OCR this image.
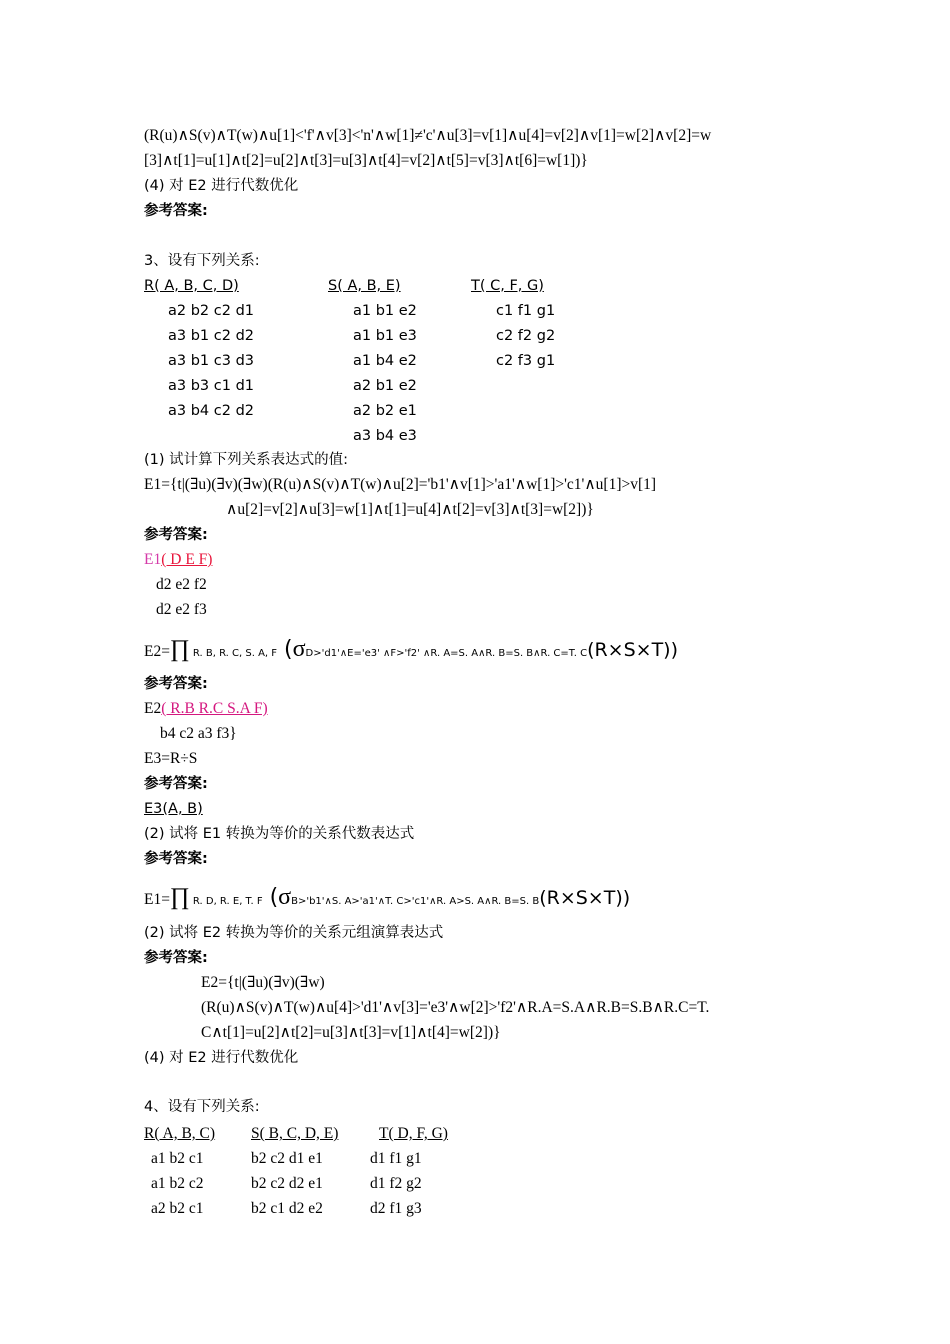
(R(u)∧S(v)∧T(w)∧u[1]<'f'∧v[3]<'n'∧w[1]≠'c'∧u[3]=v[1]∧u[4]=v[2]∧v[1]=w[2]∧v[2]=w
[3]∧t[1]=u[1]∧t[2]=u[2]∧t[3]=u[3]∧t[4]=v[2]∧t[5]=v[3]∧t[6]=w[1])}
(4) 对 E2 进行代数优化
参考答案:
3、设有下列关系:
R( A, B, C, D)
a2 b2 c2 d1
a3 b1 c2 d2
a3 b1 c3 d3
a3 b3 c1 d1
a3 b4 c2 d2
S( A, B, E)
a1 b1 e2
a1 b1 e3
a1 b4 e2
a2 b1 e2
a2 b2 e1
a3 b4 e3
T( C, F, G)
c1 f1 g1
c2 f2 g2
c2 f3 g1
(1) 试计算下列关系表达式的值:
E1={t|(∃u)(∃v)(∃w)(R(u)∧S(v)∧T(w)∧u[2]='b1'∧v[1]>'a1'∧w[1]>'c1'∧u[1]>v[1]
∧u[2]=v[2]∧u[3]=w[1]∧t[1]=u[4]∧t[2]=v[3]∧t[3]=w[2])}
参考答案:
E1( D E F)
d2 e2 f2
d2 e2 f3
E2=∏ R. B, R. C, S. A, F (σD>'d1'∧E='e3' ∧F>'f2' ∧R. A=S. A∧R. B=S. B∧R. C=T. C(R×S×T))
参考答案:
E2( R.B R.C S.A F)
b4 c2 a3 f3}
E3=R÷S
参考答案:
E3(A, B)
(2) 试将 E1 转换为等价的关系代数表达式
参考答案:
E1=∏ R. D, R. E, T. F (σB>'b1'∧S. A>'a1'∧T. C>'c1'∧R. A>S. A∧R. B=S. B(R×S×T))
(2) 试将 E2 转换为等价的关系元组演算表达式
参考答案:
E2={t|(∃u)(∃v)(∃w)
(R(u)∧S(v)∧T(w)∧u[4]>'d1'∧v[3]='e3'∧w[2]>'f2'∧R.A=S.A∧R.B=S.B∧R.C=T.
C∧t[1]=u[2]∧t[2]=u[3]∧t[3]=v[1]∧t[4]=w[2])}
(4) 对 E2 进行代数优化
4、设有下列关系:
R( A, B, C)
a1 b2 c1
a1 b2 c2
a2 b2 c1
S( B, C, D, E)
b2 c2 d1 e1
b2 c2 d2 e1
b2 c1 d2 e2
T( D, F, G)
d1 f1 g1
d1 f2 g2
d2 f1 g3
